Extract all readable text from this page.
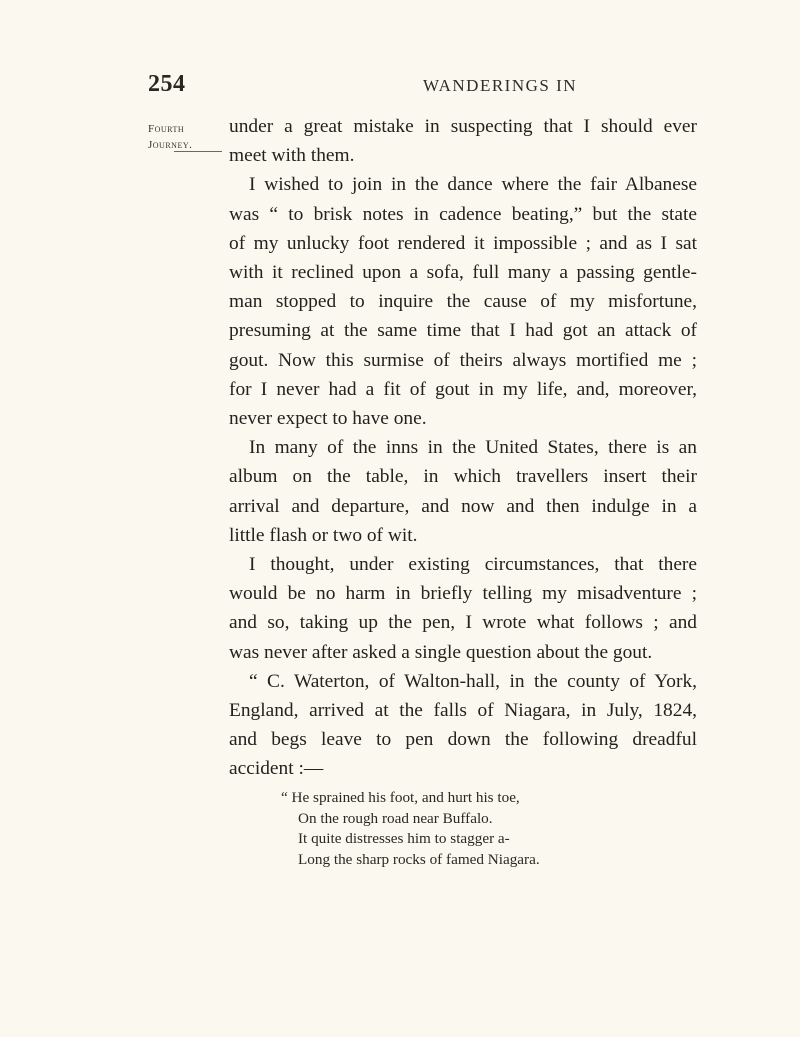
254	WANDERINGS IN
Fourth
Journey.
under a great mistake in suspecting that I should ever
meet with them.
I wished to join in the dance where the fair Albanese
was “ to brisk notes in cadence beating,” but the state
of my unlucky foot rendered it impossible ; and as I sat
with it reclined upon a sofa, full many a passing gentle-
man stopped to inquire the cause of my misfortune,
presuming at the same time that I had got an attack of
gout. Now this surmise of theirs always mortified me ;
for I never had a fit of gout in my life, and, moreover,
never expect to have one.
In many of the inns in the United States, there is an
album on the table, in which travellers insert their
arrival and departure, and now and then indulge in a
little flash or two of wit.
I thought, under existing circumstances, that there
would be no harm in briefly telling my misadventure ;
and so, taking up the pen, I wrote what follows ; and
was never after asked a single question about the gout.
“ C. Waterton, of Walton-hall, in the county of York,
England, arrived at the falls of Niagara, in July, 1824,
and begs leave to pen down the following dreadful
accident :—
“ He sprained his foot, and hurt his toe,
On the rough road near Buffalo.
It quite distresses him to stagger a-
Long the sharp rocks of famed Niagara.
